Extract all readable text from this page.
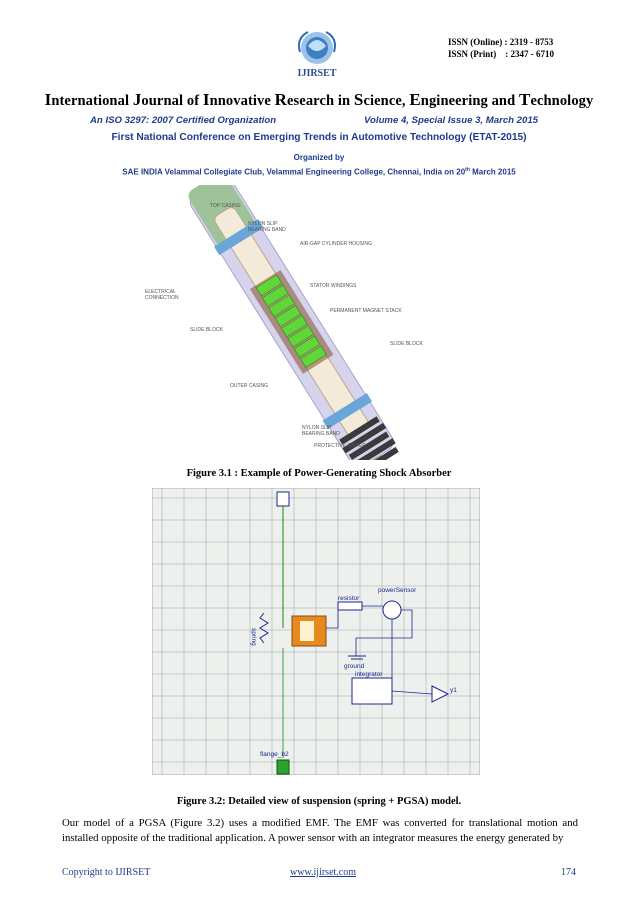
ISSN (Online) : 2319 - 8753
ISSN (Print)    : 2347 - 6710
IJIRSET
International Journal of Innovative Research in Science, Engineering and Technology
An ISO 3297: 2007 Certified Organization	Volume 4, Special Issue 3, March 2015
First National Conference on Emerging Trends in Automotive Technology (ETAT-2015)
Organized by
SAE INDIA Velammal Collegiate Club, Velammal Engineering College, Chennai, India on 20th March 2015
TOP CASING
NYLON SLIP
BEARING BAND
AIR-GAP CYLINDER HOUSING
STATOR WINDINGS
ELECTRICAL
CONNECTION
PERMANENT MAGNET STACK
SLIDE BLOCK
SLIDE BLOCK
OUTER CASING
NYLON SLIP
BEARING BAND
PROTECTIVE GAITER
Figure 3.1 : Example of Power-Generating Shock Absorber
spring
resistor
powerSensor
ground
integrator
y1
flange_b2
Figure 3.2: Detailed view of suspension (spring + PGSA) model.
Our model of a PGSA (Figure 3.2) uses a modified EMF. The EMF was converted for translational motion and installed opposite of the traditional application. A power sensor with an integrator measures the energy generated by
Copyright to IJIRSET	www.ijirset.com	174
